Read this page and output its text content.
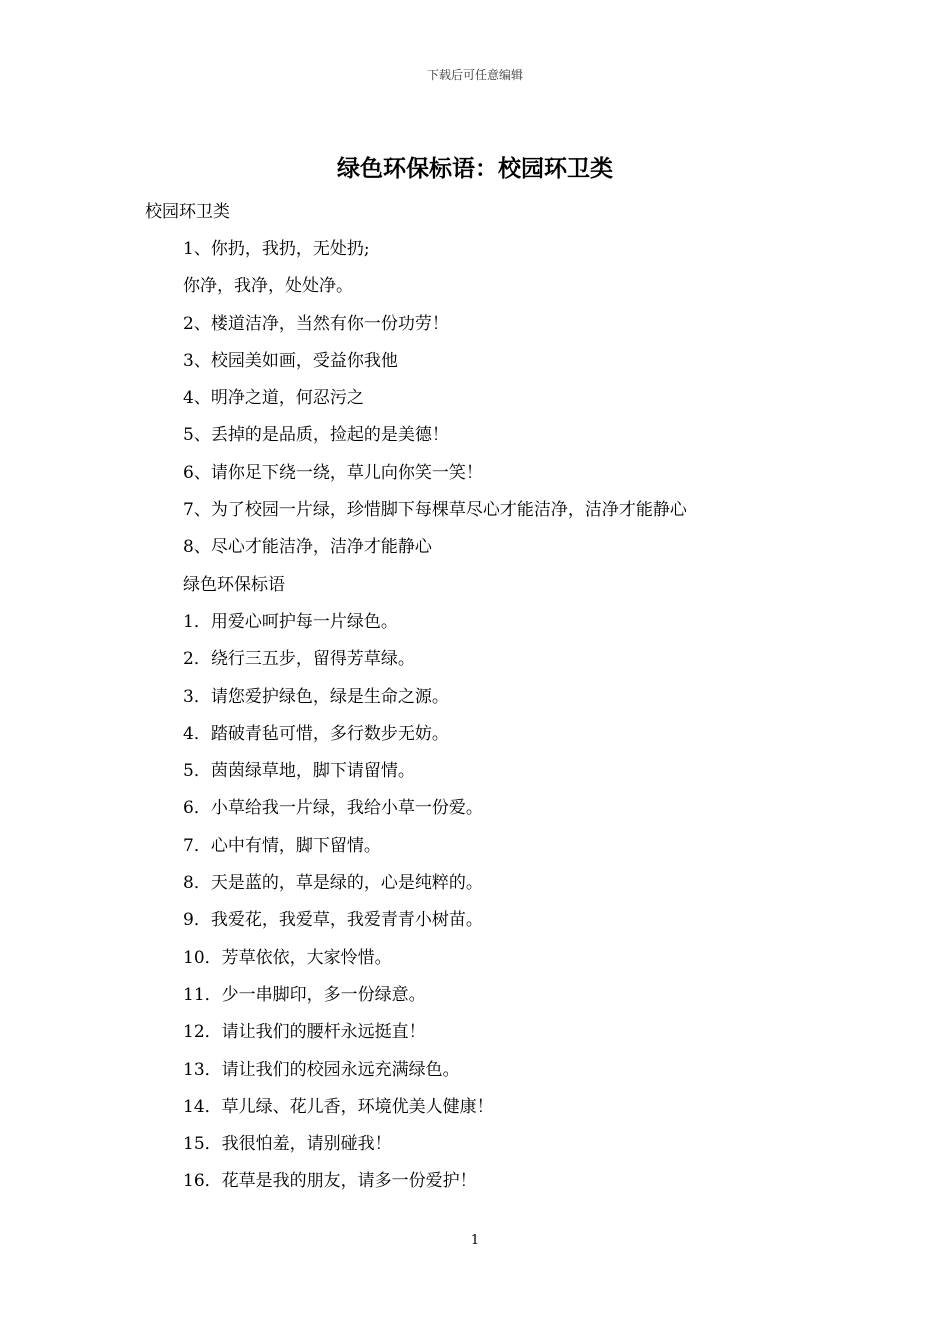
下载后可任意编辑
绿色环保标语：校园环卫类
校园环卫类
1、你扔，我扔，无处扔;
你净，我净，处处净。
2、楼道洁净，当然有你一份功劳！
3、校园美如画，受益你我他
4、明净之道，何忍污之
5、丢掉的是品质，捡起的是美德！
6、请你足下绕一绕，草儿向你笑一笑！
7、为了校园一片绿，珍惜脚下每棵草尽心才能洁净，洁净才能静心
8、尽心才能洁净，洁净才能静心
绿色环保标语
1．用爱心呵护每一片绿色。
2．绕行三五步，留得芳草绿。
3．请您爱护绿色，绿是生命之源。
4．踏破青毡可惜，多行数步无妨。
5．茵茵绿草地，脚下请留情。
6．小草给我一片绿，我给小草一份爱。
7．心中有情，脚下留情。
8．天是蓝的，草是绿的，心是纯粹的。
9．我爱花，我爱草，我爱青青小树苗。
10．芳草依依，大家怜惜。
11．少一串脚印，多一份绿意。
12．请让我们的腰杆永远挺直！
13．请让我们的校园永远充满绿色。
14．草儿绿、花儿香，环境优美人健康！
15．我很怕羞，请别碰我！
16．花草是我的朋友，请多一份爱护！
1
